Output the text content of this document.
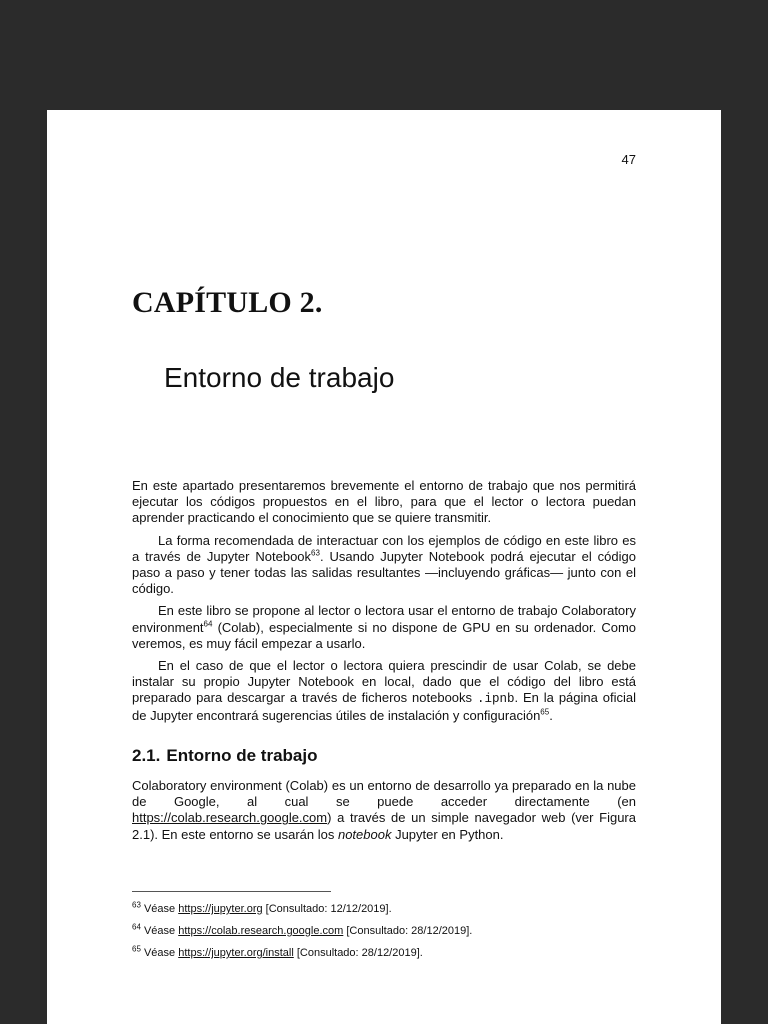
47
CAPÍTULO 2.
Entorno de trabajo

En este apartado presentaremos brevemente el entorno de trabajo que nos permitirá ejecutar los códigos propuestos en el libro, para que el lector o lectora puedan aprender practicando el conocimiento que se quiere transmitir.

La forma recomendada de interactuar con los ejemplos de código en este libro es a través de Jupyter Notebook$^{63}$. Usando Jupyter Notebook podrá ejecutar el código paso a paso y tener todas las salidas resultantes —incluyendo gráficas— junto con el código.

En este libro se propone al lector o lectora usar el entorno de trabajo Colaboratory environment$^{64}$ (Colab), especialmente si no dispone de GPU en su ordenador. Como veremos, es muy fácil empezar a usarlo.

En el caso de que el lector o lectora quiera prescindir de usar Colab, se debe instalar su propio Jupyter Notebook en local, dado que el código del libro está preparado para descargar a través de ficheros notebooks .ipnb. En la página oficial de Jupyter encontrará sugerencias útiles de instalación y configuración$^{65}$.

2.1. Entorno de trabajo

Colaboratory environment (Colab) es un entorno de desarrollo ya preparado en la nube de Google, al cual se puede acceder directamente (en https://colab.research.google.com) a través de un simple navegador web (ver Figura 2.1). En este entorno se usarán los notebook Jupyter en Python.

$^{63}$ Véase https://jupyter.org [Consultado: 12/12/2019].
$^{64}$ Véase https://colab.research.google.com [Consultado: 28/12/2019].
$^{65}$ Véase https://jupyter.org/install [Consultado: 28/12/2019].
